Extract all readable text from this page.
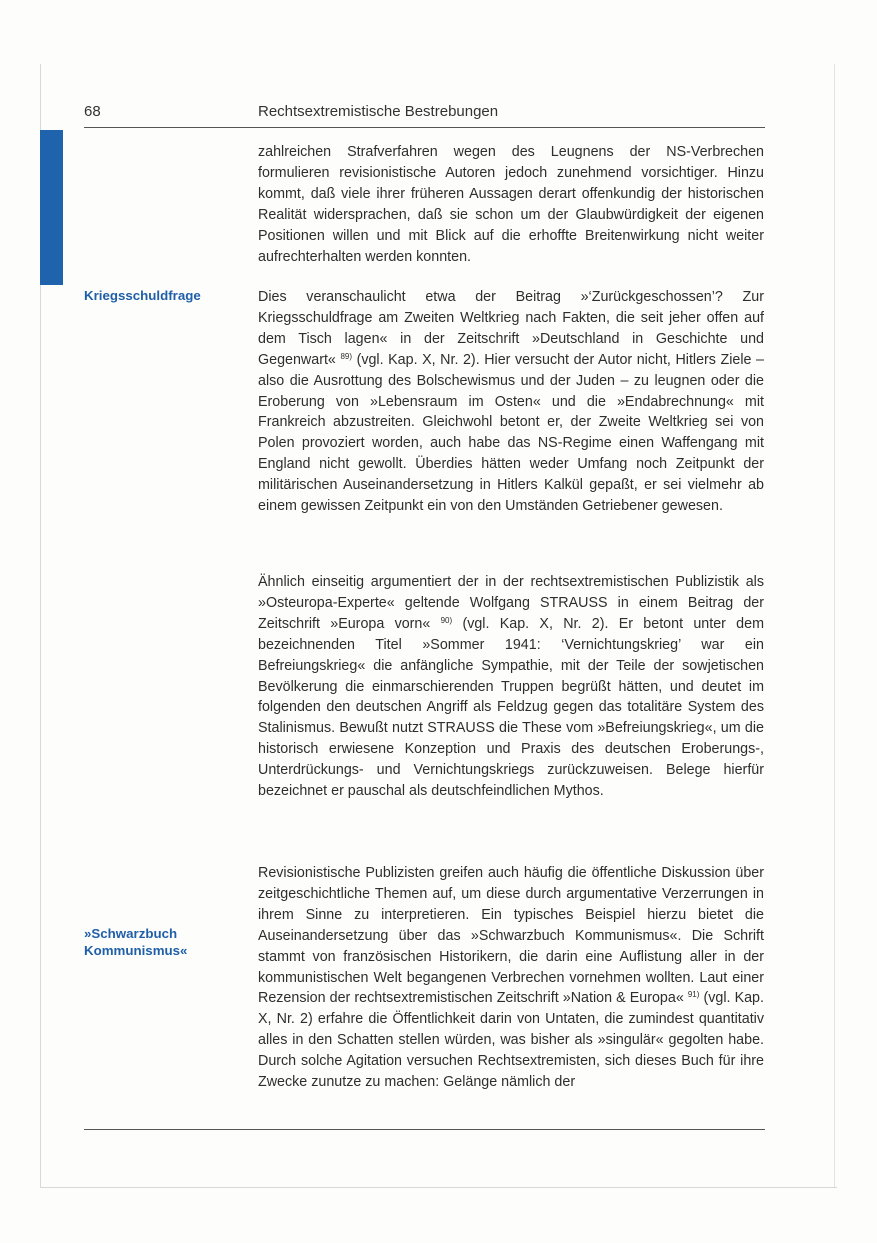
68	Rechtsextremistische Bestrebungen
Kriegsschuldfrage
»Schwarzbuch Kommunismus«

zahlreichen Strafverfahren wegen des Leugnens der NS-Verbrechen formulieren revisionistische Autoren jedoch zunehmend vorsichtiger. Hinzu kommt, daß viele ihrer früheren Aussagen derart offenkundig der historischen Realität widersprachen, daß sie schon um der Glaubwürdigkeit der eigenen Positionen willen und mit Blick auf die erhoffte Breitenwirkung nicht weiter aufrechterhalten werden konnten.

Dies veranschaulicht etwa der Beitrag »‘Zurückgeschossen’? Zur Kriegsschuldfrage am Zweiten Weltkrieg nach Fakten, die seit jeher offen auf dem Tisch lagen« in der Zeitschrift »Deutschland in Geschichte und Gegenwart« $^{89)}$ (vgl. Kap. X, Nr. 2). Hier versucht der Autor nicht, Hitlers Ziele – also die Ausrottung des Bolschewismus und der Juden – zu leugnen oder die Eroberung von »Lebensraum im Osten« und die »Endabrechnung« mit Frankreich abzustreiten. Gleichwohl betont er, der Zweite Weltkrieg sei von Polen provoziert worden, auch habe das NS-Regime einen Waffengang mit England nicht gewollt. Überdies hätten weder Umfang noch Zeitpunkt der militärischen Auseinandersetzung in Hitlers Kalkül gepaßt, er sei vielmehr ab einem gewissen Zeitpunkt ein von den Umständen Getriebener gewesen.

Ähnlich einseitig argumentiert der in der rechtsextremistischen Publizistik als »Osteuropa-Experte« geltende Wolfgang STRAUSS in einem Beitrag der Zeitschrift »Europa vorn« $^{90)}$ (vgl. Kap. X, Nr. 2). Er betont unter dem bezeichnenden Titel »Sommer 1941: ‘Vernichtungskrieg’ war ein Befreiungskrieg« die anfängliche Sympathie, mit der Teile der sowjetischen Bevölkerung die einmarschierenden Truppen begrüßt hätten, und deutet im folgenden den deutschen Angriff als Feldzug gegen das totalitäre System des Stalinismus. Bewußt nutzt STRAUSS die These vom »Befreiungskrieg«, um die historisch erwiesene Konzeption und Praxis des deutschen Eroberungs-, Unterdrückungs- und Vernichtungskriegs zurückzuweisen. Belege hierfür bezeichnet er pauschal als deutschfeindlichen Mythos.

Revisionistische Publizisten greifen auch häufig die öffentliche Diskussion über zeitgeschichtliche Themen auf, um diese durch argumentative Verzerrungen in ihrem Sinne zu interpretieren. Ein typisches Beispiel hierzu bietet die Auseinandersetzung über das »Schwarzbuch Kommunismus«. Die Schrift stammt von französischen Historikern, die darin eine Auflistung aller in der kommunistischen Welt begangenen Verbrechen vornehmen wollten. Laut einer Rezension der rechtsextremistischen Zeitschrift »Nation & Europa« $^{91)}$ (vgl. Kap. X, Nr. 2) erfahre die Öffentlichkeit darin von Untaten, die zumindest quantitativ alles in den Schatten stellen würden, was bisher als »singulär« gegolten habe. Durch solche Agitation versuchen Rechtsextremisten, sich dieses Buch für ihre Zwecke zunutze zu machen: Gelänge nämlich der
